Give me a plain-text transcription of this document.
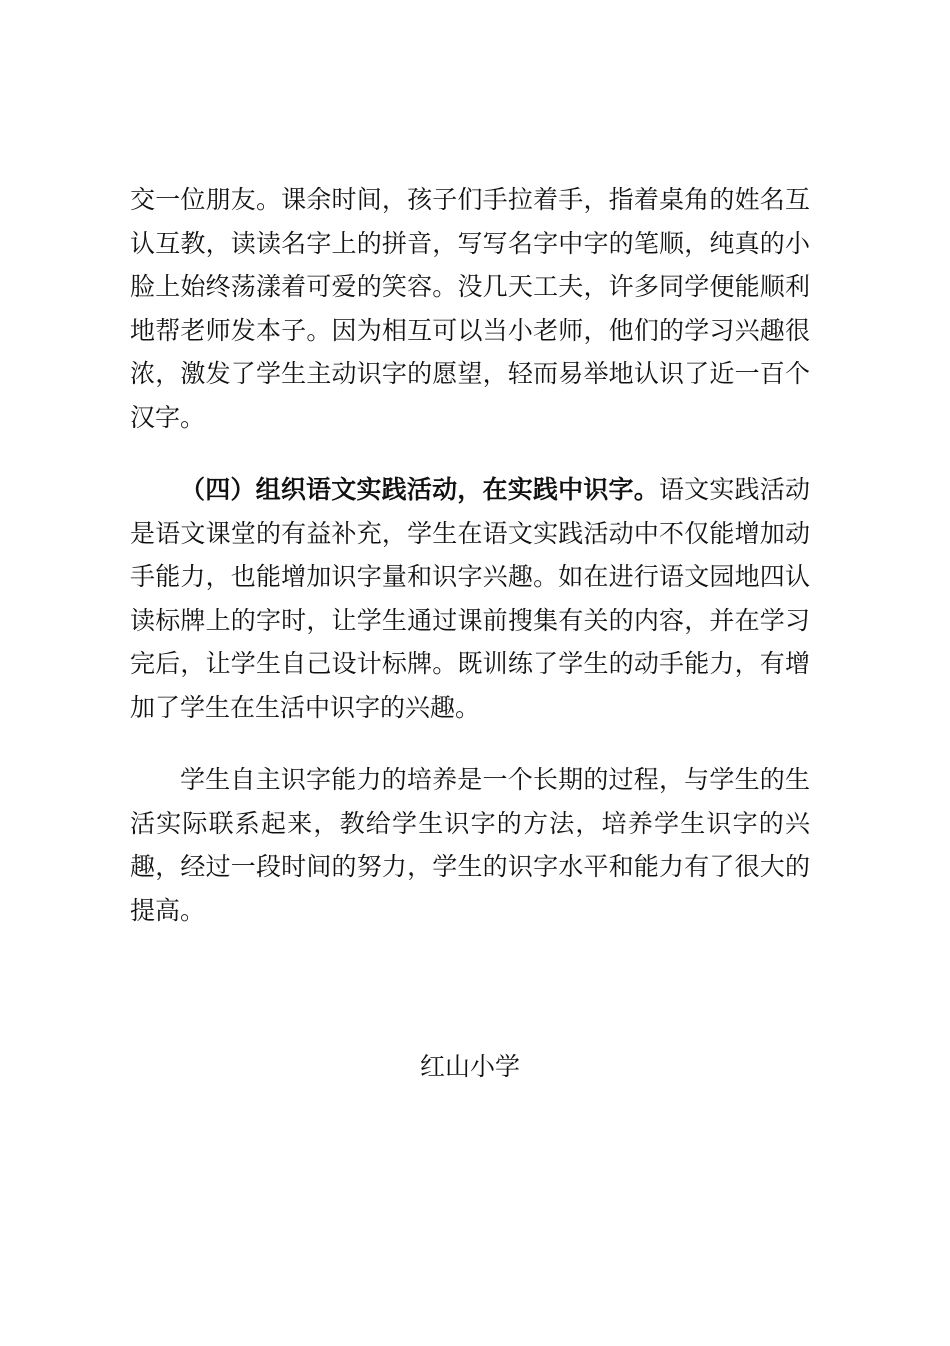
交一位朋友。课余时间，孩子们手拉着手，指着桌角的姓名互认互教，读读名字上的拼音，写写名字中字的笔顺，纯真的小脸上始终荡漾着可爱的笑容。没几天工夫，许多同学便能顺利地帮老师发本子。因为相互可以当小老师，他们的学习兴趣很浓，激发了学生主动识字的愿望，轻而易举地认识了近一百个汉字。

（四）组织语文实践活动，在实践中识字。语文实践活动是语文课堂的有益补充，学生在语文实践活动中不仅能增加动手能力，也能增加识字量和识字兴趣。如在进行语文园地四认读标牌上的字时，让学生通过课前搜集有关的内容，并在学习完后，让学生自己设计标牌。既训练了学生的动手能力，有增加了学生在生活中识字的兴趣。

学生自主识字能力的培养是一个长期的过程，与学生的生活实际联系起来，教给学生识字的方法，培养学生识字的兴趣，经过一段时间的努力，学生的识字水平和能力有了很大的提高。

红山小学
